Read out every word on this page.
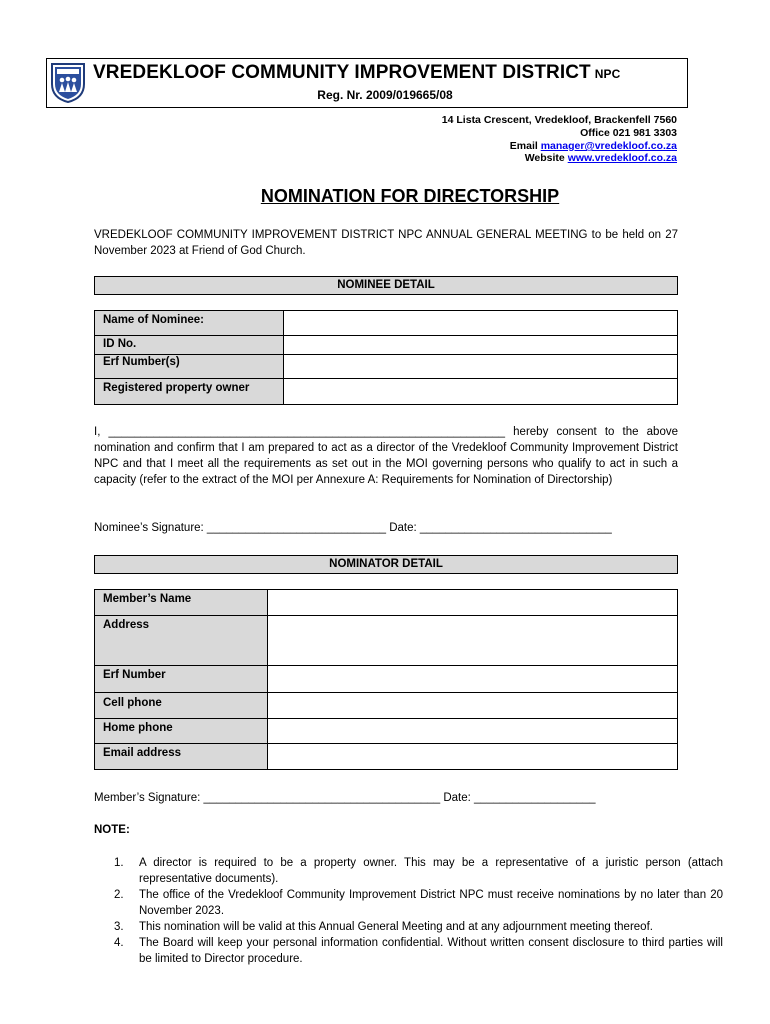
VREDEKLOOF COMMUNITY IMPROVEMENT DISTRICT NPC
Reg. Nr. 2009/019665/08
14 Lista Crescent, Vredekloof, Brackenfell 7560
Office 021 981 3303
Email manager@vredekloof.co.za
Website www.vredekloof.co.za
NOMINATION FOR DIRECTORSHIP
VREDEKLOOF COMMUNITY IMPROVEMENT DISTRICT NPC ANNUAL GENERAL MEETING to be held on 27 November 2023 at Friend of God Church.
NOMINEE DETAIL
Name of Nominee:	
ID No.	
Erf Number(s)	
Registered property owner	
I, ______________________________________________________________ hereby consent to the above nomination and confirm that I am prepared to act as a director of the Vredekloof Community Improvement District NPC and that I meet all the requirements as set out in the MOI governing persons who qualify to act in such a capacity (refer to the extract of the MOI per Annexure A: Requirements for Nomination of Directorship)
Nominee’s Signature: ____________________________ Date: ______________________________
NOMINATOR DETAIL
Member’s Name	
Address	
Erf Number	
Cell phone	
Home phone	
Email address	
Member’s Signature: _____________________________________ Date: ___________________
NOTE:
1. A director is required to be a property owner. This may be a representative of a juristic person (attach representative documents).
2. The office of the Vredekloof Community Improvement District NPC must receive nominations by no later than 20 November 2023.
3. This nomination will be valid at this Annual General Meeting and at any adjournment meeting thereof.
4. The Board will keep your personal information confidential. Without written consent disclosure to third parties will be limited to Director procedure.
